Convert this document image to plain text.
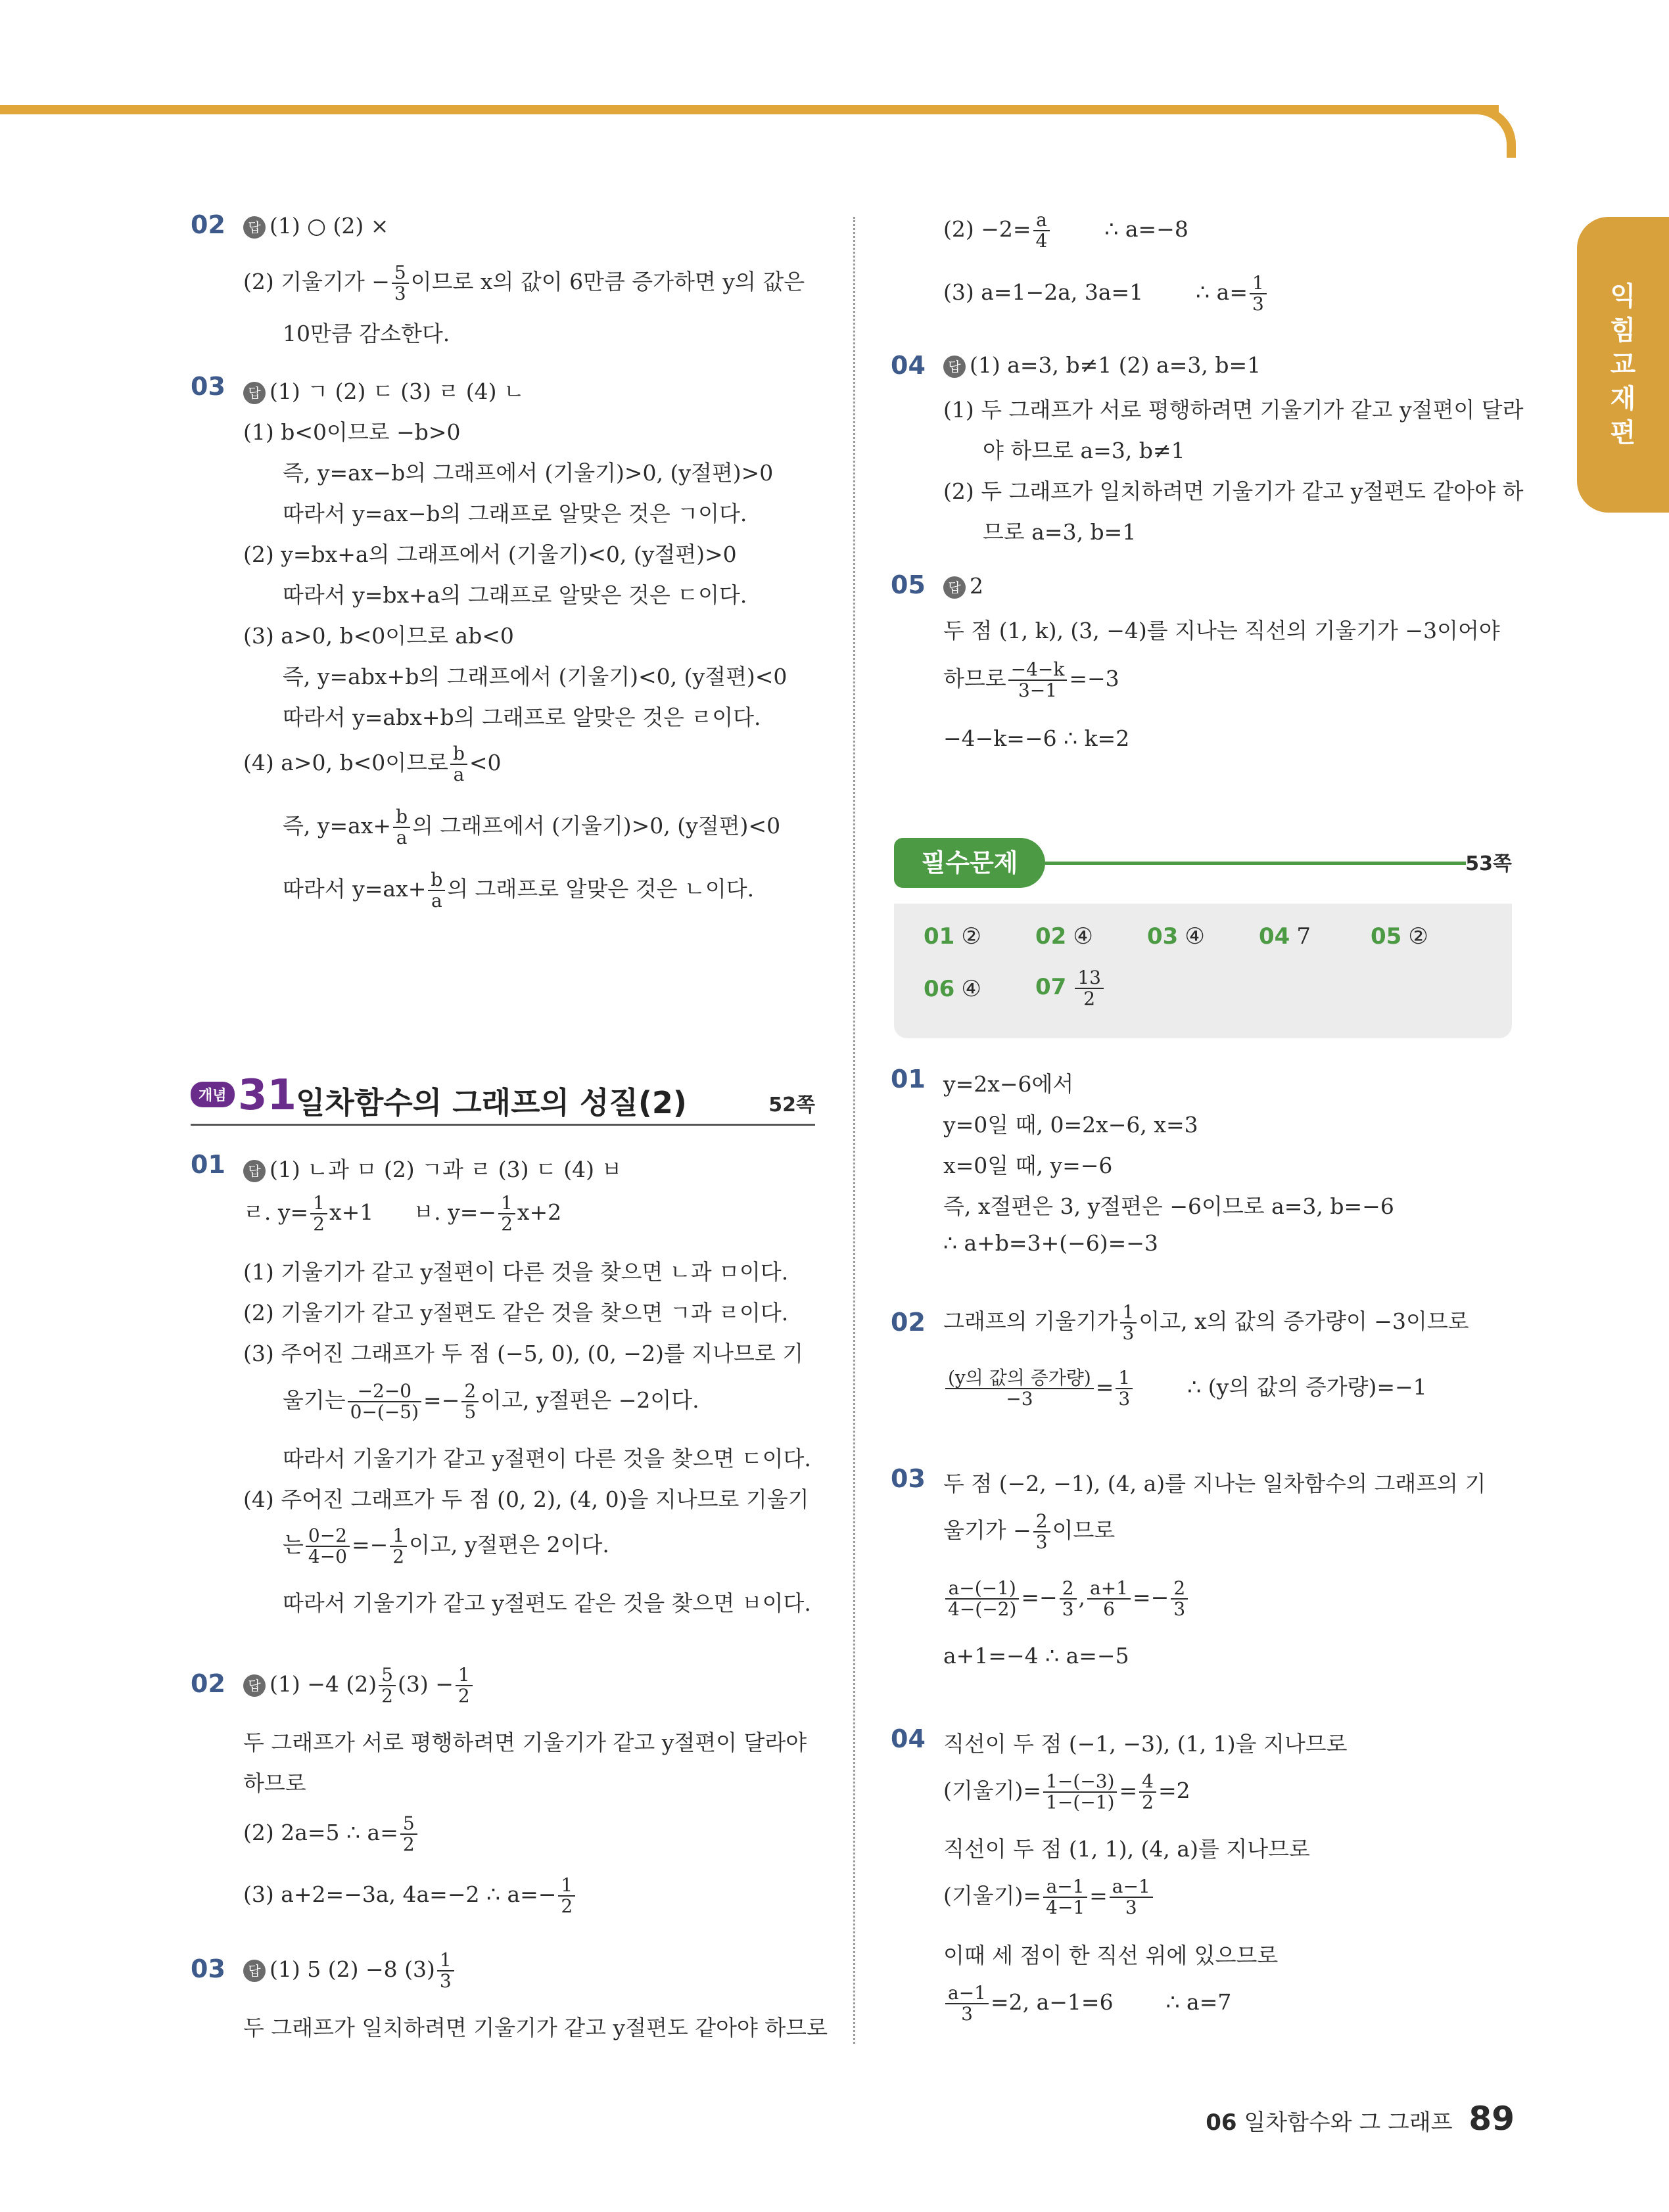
익
힘
교
재
편
02	답 (1) ○ (2) ×
(2) 기울기가 − $\frac{5}{3}$ 이므로 x의 값이 6만큼 증가하면 y의 값은
10만큼 감소한다.
03	답 (1) ㄱ (2) ㄷ (3) ㄹ (4) ㄴ
(1) b<0이므로 −b>0
즉, y=ax−b의 그래프에서 (기울기)>0, (y절편)>0
따라서 y=ax−b의 그래프로 알맞은 것은 ㄱ이다.
(2) y=bx+a의 그래프에서 (기울기)<0, (y절편)>0
따라서 y=bx+a의 그래프로 알맞은 것은 ㄷ이다.
(3) a>0, b<0이므로 ab<0
즉, y=abx+b의 그래프에서 (기울기)<0, (y절편)<0
따라서 y=abx+b의 그래프로 알맞은 것은 ㄹ이다.
(4) a>0, b<0이므로 $\frac{b}{a} <0$
즉, $y=ax+ \frac{b}{a}$ 의 그래프에서 (기울기)>0, (y절편)<0
따라서 $y=ax+ \frac{b}{a}$ 의 그래프로 알맞은 것은 ㄴ이다.
개념 31
일차함수의 그래프의 성질(2)	52쪽
01	답 (1) ㄴ과 ㅁ (2) ㄱ과 ㄹ (3) ㄷ (4) ㅂ
ㄹ. $y= \frac{1}{2} x+1$ ㅂ. $y=- \frac{1}{2} x+2$
(1) 기울기가 같고 y절편이 다른 것을 찾으면 ㄴ과 ㅁ이다.
(2) 기울기가 같고 y절편도 같은 것을 찾으면 ㄱ과 ㄹ이다.
(3) 주어진 그래프가 두 점 (−5, 0), (0, −2)를 지나므로 기
울기는 $\frac{-2-0}{0-(-5)} =- \frac{2}{5}$ 이고, y절편은 −2이다.
따라서 기울기가 같고 y절편이 다른 것을 찾으면 ㄷ이다.
(4) 주어진 그래프가 두 점 (0, 2), (4, 0)을 지나므로 기울기
는 $\frac{0-2}{4-0} =- \frac{1}{2}$ 이고, y절편은 2이다.
따라서 기울기가 같고 y절편도 같은 것을 찾으면 ㅂ이다.
02	답 (1) −4 $(2) \frac{5}{2} (3) - \frac{1}{2}$
두 그래프가 서로 평행하려면 기울기가 같고 y절편이 달라야
하므로
(2) 2a=5 ∴ $a= \frac{5}{2}$
(3) a+2=−3a, 4a=−2 ∴ $a=- \frac{1}{2}$
03	답 (1) 5 (2) −8 $(3) \frac{1}{3}$
두 그래프가 일치하려면 기울기가 같고 y절편도 같아야 하므로
$(2) -2= \frac{a}{4}$	∴ a=−8
(3) a=1−2a, 3a=1 ∴ $a= \frac{1}{3}$
04	답 (1) a=3, b≠1 (2) a=3, b=1
(1) 두 그래프가 서로 평행하려면 기울기가 같고 y절편이 달라
야 하므로 a=3, b≠1
(2) 두 그래프가 일치하려면 기울기가 같고 y절편도 같아야 하
므로 a=3, b=1
05	답 2
두 점 (1, k), (3, −4)를 지나는 직선의 기울기가 −3이어야
하므로 $\frac{-4-k}{3-1} =-3$
−4−k=−6 ∴ k=2
필수문제	53쪽
01 ② 02 ④ 03 ④ 04 7	05 ②
06 ④ $07 \frac{13}{2}$
01 y=2x−6에서
y=0일 때, 0=2x−6, x=3
x=0일 때, y=−6
즉, x절편은 3, y절편은 −6이므로 a=3, b=−6
∴ a+b=3+(−6)=−3
02 그래프의 기울기가 $\frac{1}{3}$ 이고, x의 값의 증가량이 −3이므로
$\frac{\text{(y의 값의 증가량)}}{-3} = \frac{1}{3}$	∴ (y의 값의 증가량)=−1
03 두 점 (−2, −1), (4, a)를 지나는 일차함수의 그래프의 기
울기가 − $\frac{2}{3}$ 이므로
$\frac{a-(-1)}{4-(-2)} =- \frac{2}{3}$ , $\frac{a+1}{6} =- \frac{2}{3}$
a+1=−4 ∴ a=−5
04 직선이 두 점 (−1, −3), (1, 1)을 지나므로
(기울기)= $\frac{1-(-3)}{1-(-1)} = \frac{4}{2} =2$
직선이 두 점 (1, 1), (4, a)를 지나므로
(기울기)= $\frac{a-1}{4-1} = \frac{a-1}{3}$
이때 세 점이 한 직선 위에 있으므로
$\frac{a-1}{3} =2$, a−1=6 ∴ a=7
06 일차함수와 그 그래프 89
